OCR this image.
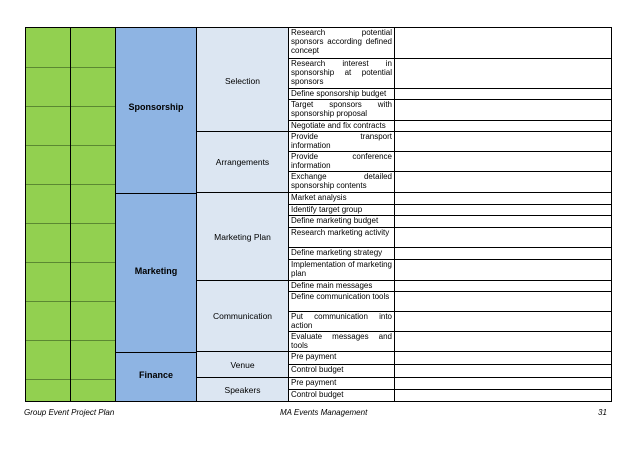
Sponsorship
Marketing
Finance
Selection
Arrangements
Marketing Plan
Communication
Venue
Speakers
Research potential sponsors according defined concept
Research interest in sponsorship at potential sponsors
Define sponsorship budget
Target sponsors with sponsorship proposal
Negotiate and fix contracts
Provide transport information
Provide conference information
Exchange detailed sponsorship contents
Market analysis
Identify target group
Define marketing budget
Research marketing activity
Define marketing strategy
Implementation of marketing plan
Define main messages
Define communication tools
Put communication into action
Evaluate messages and tools
Pre payment
Control budget
Pre payment
Control budget
Group Event Project Plan	MA Events Management	31
